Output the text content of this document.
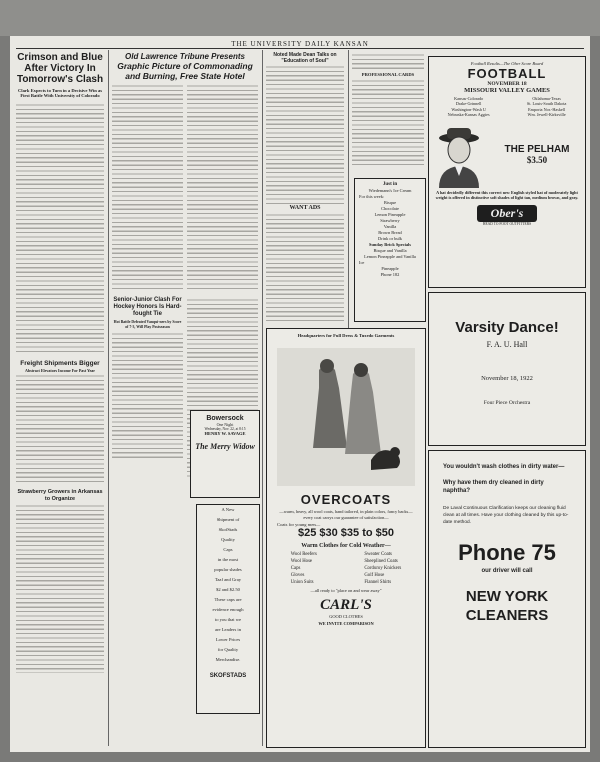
THE UNIVERSITY DAILY KANSAN
Crimson and Blue After Victory In Tomorrow's Clash
Clark Expects to Turn in a Decisive Win as First Battle With University of Colorado
Freight Shipments Bigger
Abstract Elevators Income For Past Year
Strawberry Growers in Arkansas to Organize
Old Lawrence Tribune Presents
Graphic Picture of Commonading
and Burning, Free State Hotel
Senior-Junior Clash For Hockey Honors Is Hard-fought Tie
Hot Battle Defeated Vanqui-ners by Score of 7-3, Will Play Postseason
Bowersock
One Night
Wednesday, Nov. 22, at 8:15
HENRY W. SAVAGE
The Merry Widow
A New
Shipment of
SkofStads
Quality
Caps
in the most
popular shades
Taaf and Gray
$2 and $2.50
These caps are
evidence enough
to you that we
are Leaders in
Lower Prices
for Quality
Merchandise.
SKOFSTADS
Noted Made Dean Talks on "Education of Soul"
WANT ADS
PROFESSIONAL CARDS
Just in
Wiedemann's Ice Cream
For this week:
Bisque
Chocolate
Lemon Pineapple
Strawberry
Vanilla
Brown Bread
Drink or bulk
Sunday Brick Specials
Bisque and Vanilla
Lemon Pineapple and Vanilla
Ice
Pineapple
Phone 182
Headquarters for Full Dress & Tuxedo Garments
OVERCOATS
—warm, heavy, all wool coats, hand tailored, in plain colors, fancy backs—every coat carrys our guarantee of satisfaction—
Coats for young men—
$25 $30 $35 to $50
Warm Clothes for Cold Weather—
Wool Reefers
Wool Hose
Caps
Gloves
Union Suits
Sweater Coats
Sheeplined Coats
Corduroy Knickers
Golf Hose
Flannel Shirts
—all ready to "place on and wear away"
CARL'S
GOOD CLOTHES
WE INVITE COMPARISON
Football Results—The Ober Score Board
FOOTBALL
NOVEMBER 18
MISSOURI VALLEY GAMES
Kansas-Colorado
Drake-Grinnell
Washington-Wash U
Nebraska-Kansas Aggies
Oklahoma-Texas
St. Louis-South Dakota
Emporia Nor.-Haskell
Wm. Jewell-Kirksville
THE PELHAM
$3.50
A hat decidedly different this correct new English styled hat of moderately light weight is offered in distinctive soft shades of light tan, medium brown, and gray.
Ober's
HEAD TO FOOT OUTFITTERS
Varsity Dance!
F. A. U. Hall
November 18, 1922
Four Piece Orchestra
You wouldn't wash clothes in dirty water—
Why have them dry cleaned in dirty naphtha?
De Laval Continuous Clarification keeps our cleaning fluid clean at all times. Have your clothing cleaned by this up-to-date method.
Phone 75
our driver will call
NEW YORK
CLEANERS
